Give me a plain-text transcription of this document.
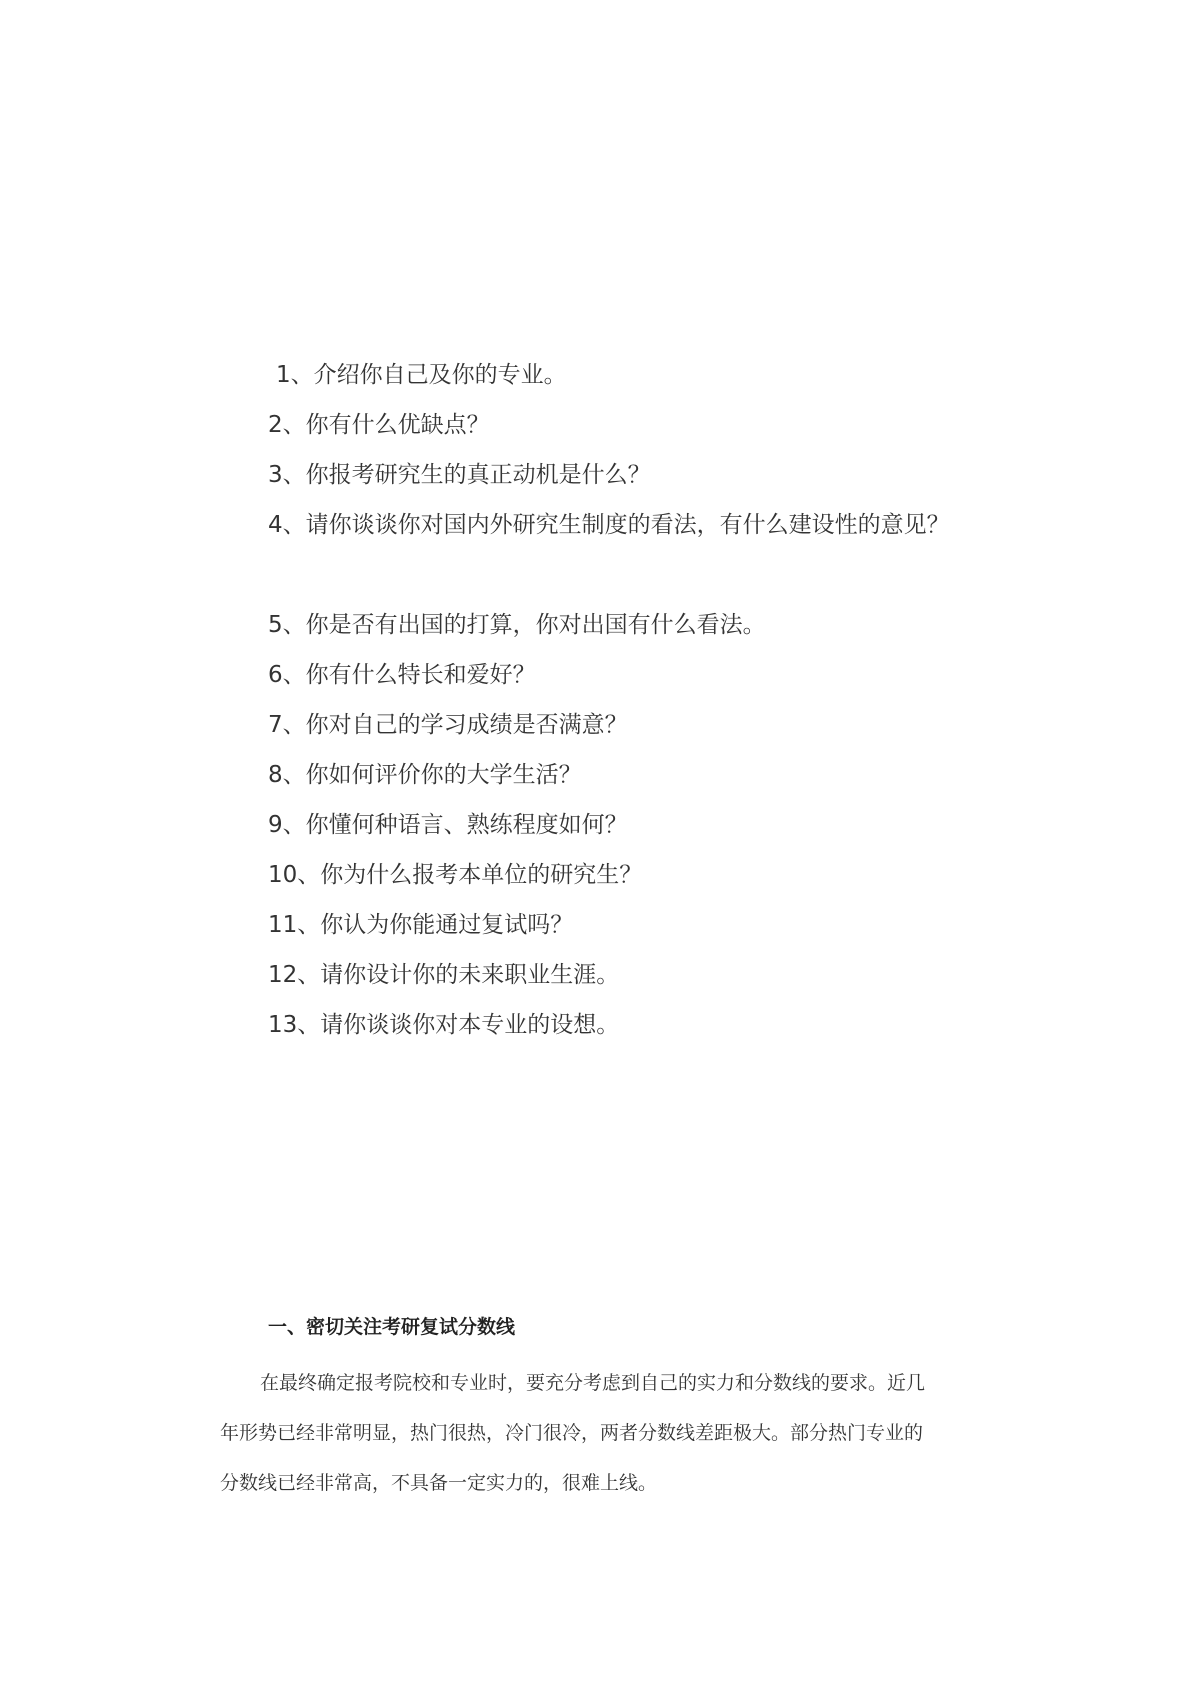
1、介绍你自己及你的专业。
2、你有什么优缺点？
3、你报考研究生的真正动机是什么？
4、请你谈谈你对国内外研究生制度的看法，有什么建设性的意见？
5、你是否有出国的打算，你对出国有什么看法。
6、你有什么特长和爱好？
7、你对自己的学习成绩是否满意？
8、你如何评价你的大学生活？
9、你懂何种语言、熟练程度如何？
10、你为什么报考本单位的研究生？
11、你认为你能通过复试吗？
12、请你设计你的未来职业生涯。
13、请你谈谈你对本专业的设想。
一、密切关注考研复试分数线

在最终确定报考院校和专业时，要充分考虑到自己的实力和分数线的要求。近几
年形势已经非常明显，热门很热，冷门很冷，两者分数线差距极大。部分热门专业的
分数线已经非常高，不具备一定实力的，很难上线。
